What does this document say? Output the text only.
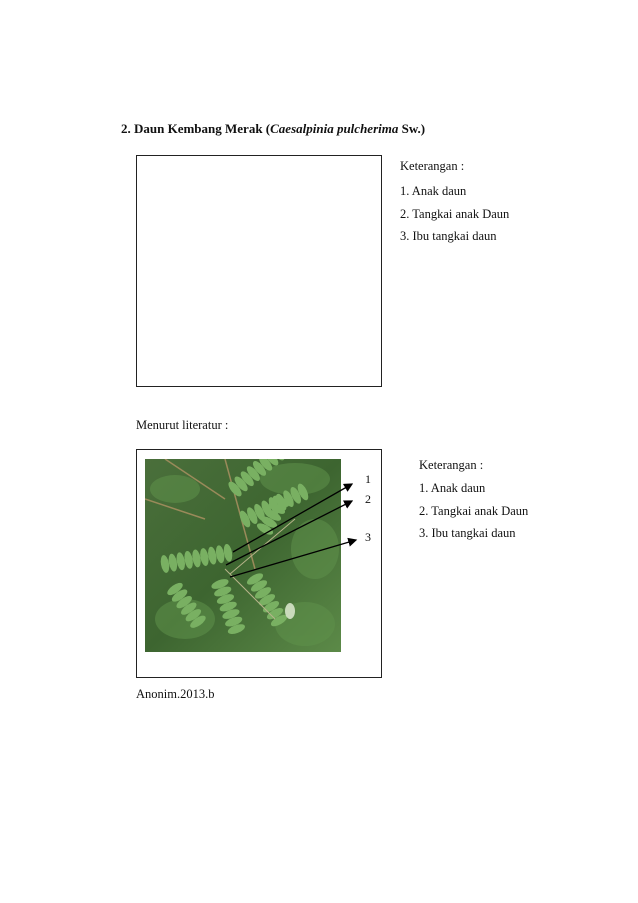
2. Daun Kembang Merak (Caesalpinia pulcherima Sw.)
Keterangan :
1. Anak daun
2. Tangkai anak Daun
3. Ibu tangkai daun
Menurut literatur :
1
2
3
Keterangan :
1. Anak daun
2. Tangkai anak Daun
3. Ibu tangkai daun
Anonim.2013.b
